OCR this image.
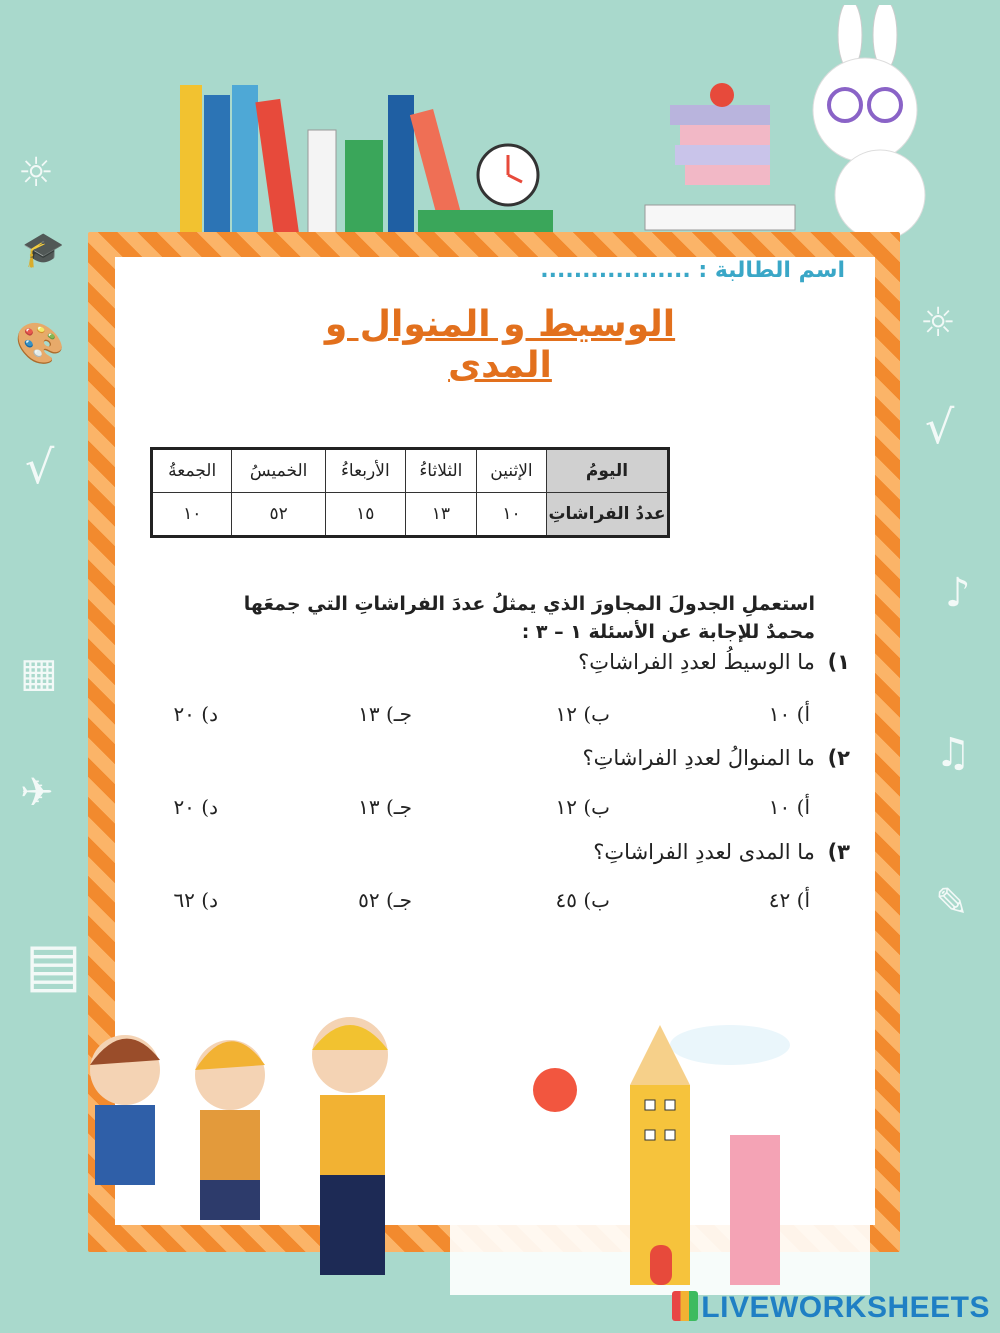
☼
🎓
🎨
√
▦
✈
▤
☼
√
♪
♫
✎
اسم الطالبة : ..................
الوسيط و المنوال و المدى
اليومُ	الإثنين	الثلاثاءُ	الأربعاءُ	الخميسُ	الجمعةُ
عددُ الفراشاتِ	١٠	١٣	١٥	٥٢	١٠
استعملِ الجدولَ المجاورَ الذي يمثلُ عددَ الفراشاتِ التي جمعَها محمدٌ للإجابة عن الأسئلة ١ – ٣ :
١) ما الوسيطُ لعددِ الفراشاتِ؟
أ) ١٠
ب) ١٢
جـ) ١٣
د) ٢٠
٢) ما المنوالُ لعددِ الفراشاتِ؟
أ) ١٠
ب) ١٢
جـ) ١٣
د) ٢٠
٣) ما المدى لعددِ الفراشاتِ؟
أ) ٤٢
ب) ٤٥
جـ) ٥٢
د) ٦٢
LIVEWORKSHEETS
